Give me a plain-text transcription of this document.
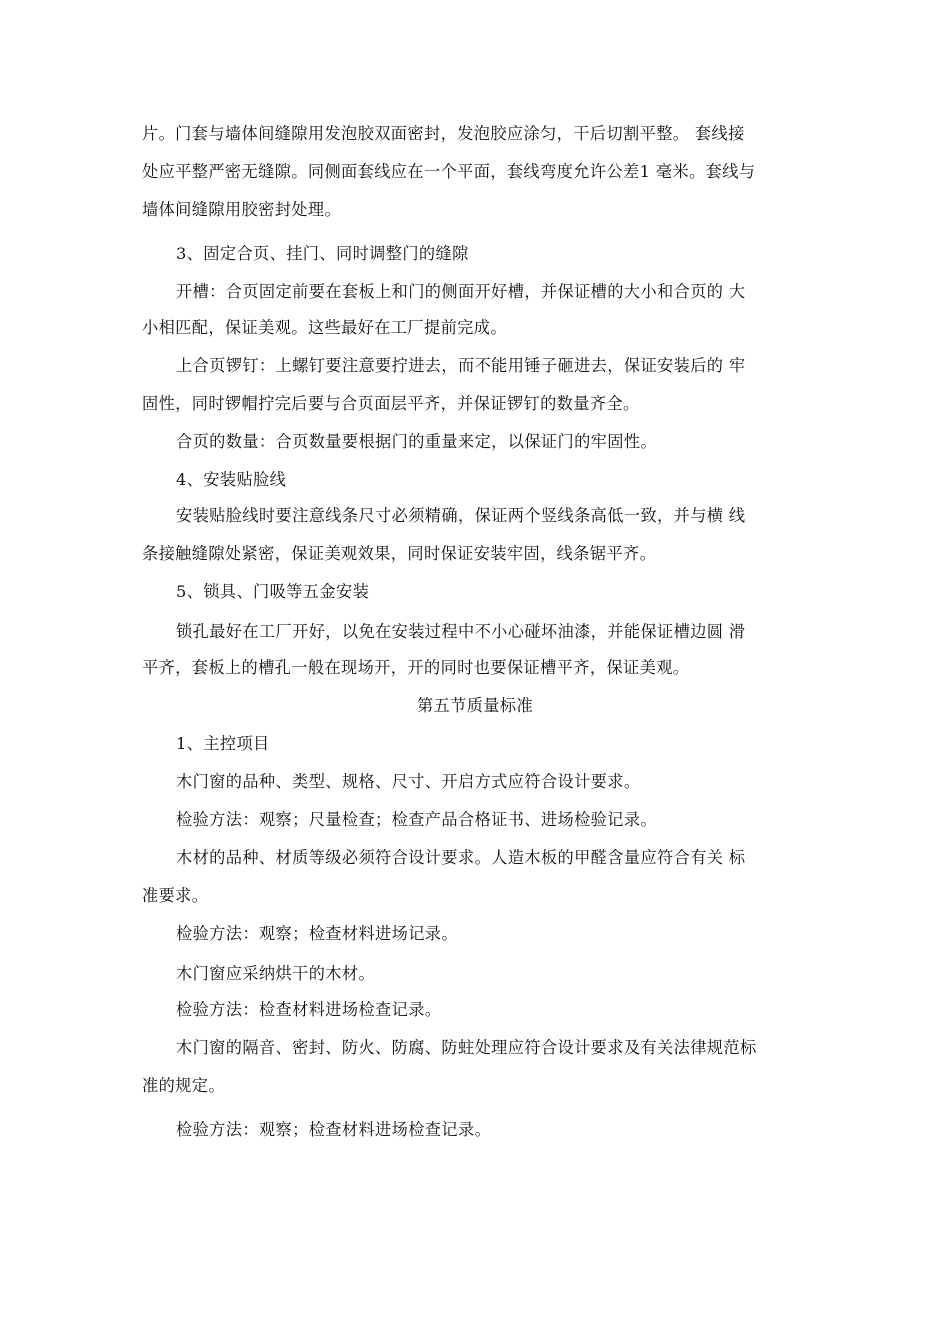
片。门套与墙体间缝隙用发泡胶双面密封，发泡胶应涂匀，干后切割平整。 套线接

处应平整严密无缝隙。同侧面套线应在一个平面，套线弯度允许公差1 毫米。套线与

墙体间缝隙用胶密封处理。

3、固定合页、挂门、同时调整门的缝隙

开槽：合页固定前要在套板上和门的侧面开好槽，并保证槽的大小和合页的 大

小相匹配，保证美观。这些最好在工厂提前完成。

上合页锣钉：上螺钉要注意要拧进去，而不能用锤子砸进去，保证安装后的 牢

固性，同时锣帽拧完后要与合页面层平齐，并保证锣钉的数量齐全。

合页的数量：合页数量要根据门的重量来定，以保证门的牢固性。

4、安装贴脸线

安装贴脸线时要注意线条尺寸必须精确，保证两个竖线条高低一致，并与横 线

条接触缝隙处紧密，保证美观效果，同时保证安装牢固，线条锯平齐。

5、锁具、门吸等五金安装

锁孔最好在工厂开好，以免在安装过程中不小心碰坏油漆，并能保证槽边圆 滑

平齐，套板上的槽孔一般在现场开，开的同时也要保证槽平齐，保证美观。

第五节质量标准

1、主控项目

木门窗的品种、类型、规格、尺寸、开启方式应符合设计要求。

检验方法：观察；尺量检查；检查产品合格证书、进场检验记录。

木材的品种、材质等级必须符合设计要求。人造木板的甲醛含量应符合有关 标

准要求。

检验方法：观察；检查材料进场记录。

木门窗应采纳烘干的木材。

检验方法：检查材料进场检查记录。

木门窗的隔音、密封、防火、防腐、防蛀处理应符合设计要求及有关法律规范标

准的规定。

检验方法：观察；检查材料进场检查记录。
